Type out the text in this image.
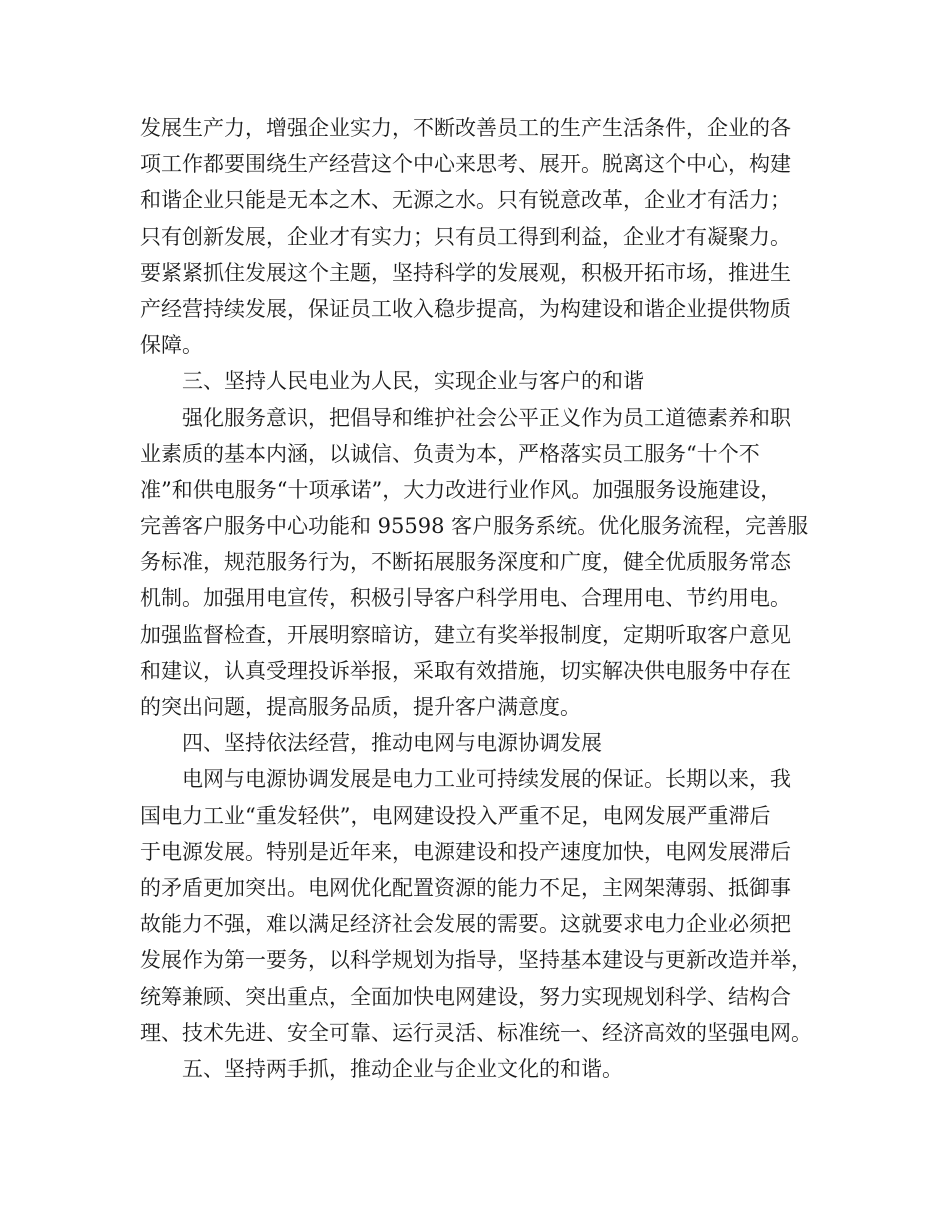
发展生产力，增强企业实力，不断改善员工的生产生活条件，企业的各
项工作都要围绕生产经营这个中心来思考、展开。脱离这个中心，构建
和谐企业只能是无本之木、无源之水。只有锐意改革，企业才有活力；
只有创新发展，企业才有实力；只有员工得到利益，企业才有凝聚力。
要紧紧抓住发展这个主题，坚持科学的发展观，积极开拓市场，推进生
产经营持续发展，保证员工收入稳步提高，为构建设和谐企业提供物质
保障。
三、坚持人民电业为人民，实现企业与客户的和谐
强化服务意识，把倡导和维护社会公平正义作为员工道德素养和职
业素质的基本内涵，以诚信、负责为本，严格落实员工服务“十个不
准”和供电服务“十项承诺”，大力改进行业作风。加强服务设施建设，
完善客户服务中心功能和 95598 客户服务系统。优化服务流程，完善服
务标准，规范服务行为，不断拓展服务深度和广度，健全优质服务常态
机制。加强用电宣传，积极引导客户科学用电、合理用电、节约用电。
加强监督检查，开展明察暗访，建立有奖举报制度，定期听取客户意见
和建议，认真受理投诉举报，采取有效措施，切实解决供电服务中存在
的突出问题，提高服务品质，提升客户满意度。
四、坚持依法经营，推动电网与电源协调发展
电网与电源协调发展是电力工业可持续发展的保证。长期以来，我
国电力工业“重发轻供”，电网建设投入严重不足，电网发展严重滞后
于电源发展。特别是近年来，电源建设和投产速度加快，电网发展滞后
的矛盾更加突出。电网优化配置资源的能力不足，主网架薄弱、抵御事
故能力不强，难以满足经济社会发展的需要。这就要求电力企业必须把
发展作为第一要务，以科学规划为指导，坚持基本建设与更新改造并举，
统筹兼顾、突出重点，全面加快电网建设，努力实现规划科学、结构合
理、技术先进、安全可靠、运行灵活、标准统一、经济高效的坚强电网。
五、坚持两手抓，推动企业与企业文化的和谐。
